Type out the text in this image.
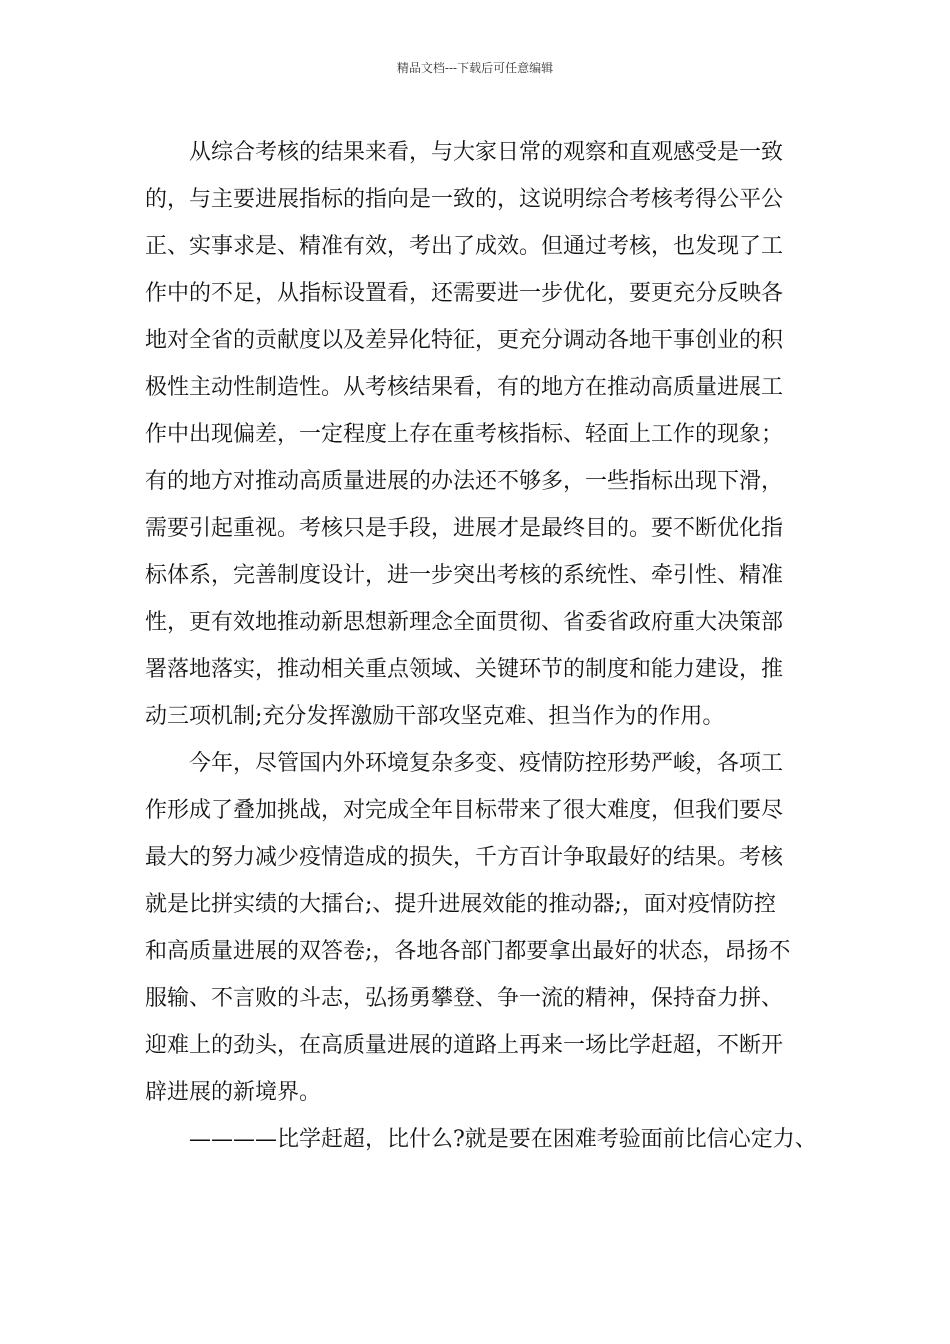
精品文档---下载后可任意编辑
从综合考核的结果来看，与大家日常的观察和直观感受是一致
的，与主要进展指标的指向是一致的，这说明综合考核考得公平公
正、实事求是、精准有效，考出了成效。但通过考核，也发现了工
作中的不足，从指标设置看，还需要进一步优化，要更充分反映各
地对全省的贡献度以及差异化特征，更充分调动各地干事创业的积
极性主动性制造性。从考核结果看，有的地方在推动高质量进展工
作中出现偏差，一定程度上存在重考核指标、轻面上工作的现象；
有的地方对推动高质量进展的办法还不够多，一些指标出现下滑，
需要引起重视。考核只是手段，进展才是最终目的。要不断优化指
标体系，完善制度设计，进一步突出考核的系统性、牵引性、精准
性，更有效地推动新思想新理念全面贯彻、省委省政府重大决策部
署落地落实，推动相关重点领域、关键环节的制度和能力建设，推
动三项机制;充分发挥激励干部攻坚克难、担当作为的作用。
今年，尽管国内外环境复杂多变、疫情防控形势严峻，各项工
作形成了叠加挑战，对完成全年目标带来了很大难度，但我们要尽
最大的努力减少疫情造成的损失，千方百计争取最好的结果。考核
就是比拼实绩的大擂台;、提升进展效能的推动器;，面对疫情防控
和高质量进展的双答卷;，各地各部门都要拿出最好的状态，昂扬不
服输、不言败的斗志，弘扬勇攀登、争一流的精神，保持奋力拼、
迎难上的劲头，在高质量进展的道路上再来一场比学赶超，不断开
辟进展的新境界。
————比学赶超，比什么?就是要在困难考验面前比信心定力、
